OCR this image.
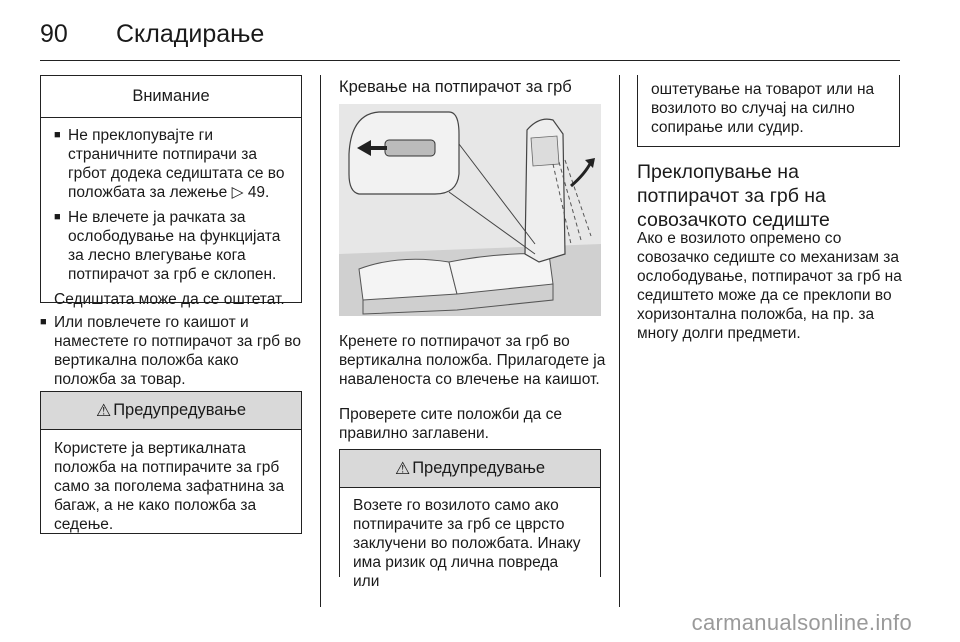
90 Складирање
Внимание
■ Не преклопувајте ги страничните потпирачи за грбот додека седиштата се во положбата за лежење ▷ 49.
■ Не влечете ја рачката за ослободување на функцијата за лесно влегување кога потпирачот за грб е склопен.
Седиштата може да се оштетат.
■ Или повлечете го каишот и наместете го потпирачот за грб во вертикална положба како положба за товар.
⚠ Предупредување
Користете ја вертикалната положба на потпирачите за грб само за поголема зафатнина за багаж, а не како положба за седење.
Кревање на потпирачот за грб
Кренете го потпирачот за грб во вертикална положба. Прилагодете ја наваленоста со влечење на каишот.
Проверете сите положби да се правилно заглавени.
⚠ Предупредување
Возете го возилото само ако потпирачите за грб се цврсто заклучени во положбата. Инаку има ризик од лична повреда или
оштетување на товарот или на возилото во случај на силно сопирање или судир.
Преклопување на потпирачот за грб на совозачкото седиште
Ако е возилото опремено со совозачко седиште со механизам за ослободување, потпирачот за грб на седиштето може да се преклопи во хоризонтална положба, на пр. за многу долги предмети.
carmanualsonline.info
